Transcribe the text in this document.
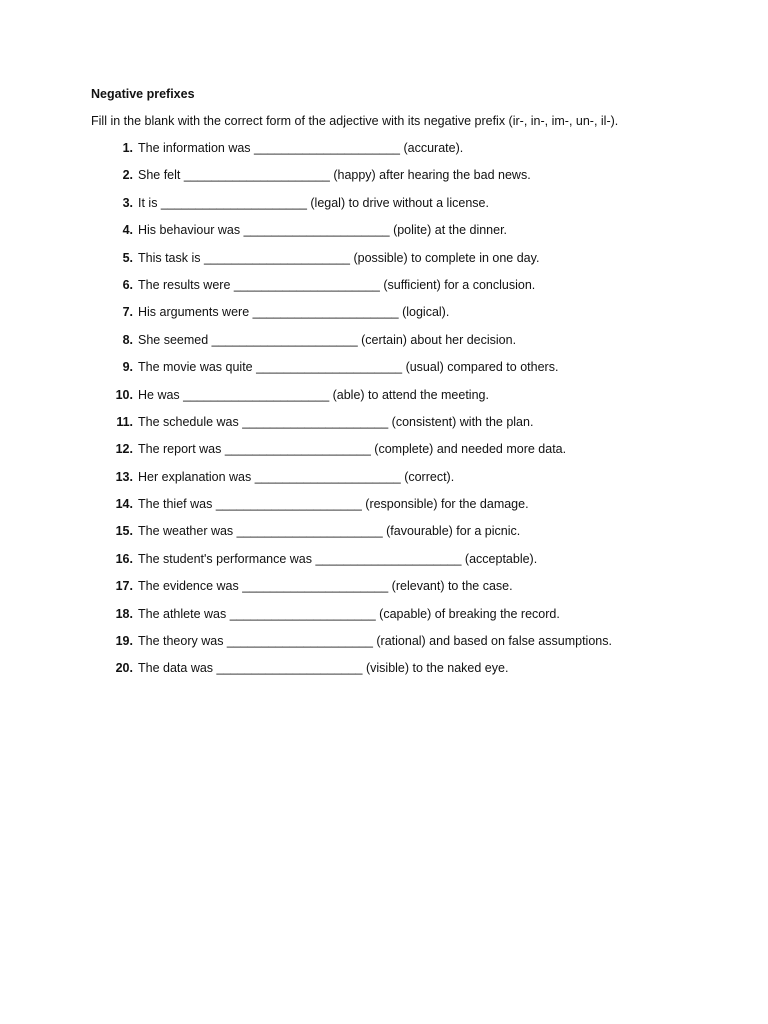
Negative prefixes

Fill in the blank with the correct form of the adjective with its negative prefix (ir-, in-, im-, un-, il-).

1. The information was _____________________ (accurate).
2. She felt _____________________ (happy) after hearing the bad news.
3. It is _____________________ (legal) to drive without a license.
4. His behaviour was _____________________ (polite) at the dinner.
5. This task is _____________________ (possible) to complete in one day.
6. The results were _____________________ (sufficient) for a conclusion.
7. His arguments were _____________________ (logical).
8. She seemed _____________________ (certain) about her decision.
9. The movie was quite _____________________ (usual) compared to others.
10. He was _____________________ (able) to attend the meeting.
11. The schedule was _____________________ (consistent) with the plan.
12. The report was _____________________ (complete) and needed more data.
13. Her explanation was _____________________ (correct).
14. The thief was _____________________ (responsible) for the damage.
15. The weather was _____________________ (favourable) for a picnic.
16. The student's performance was _____________________ (acceptable).
17. The evidence was _____________________ (relevant) to the case.
18. The athlete was _____________________ (capable) of breaking the record.
19. The theory was _____________________ (rational) and based on false assumptions.
20. The data was _____________________ (visible) to the naked eye.
